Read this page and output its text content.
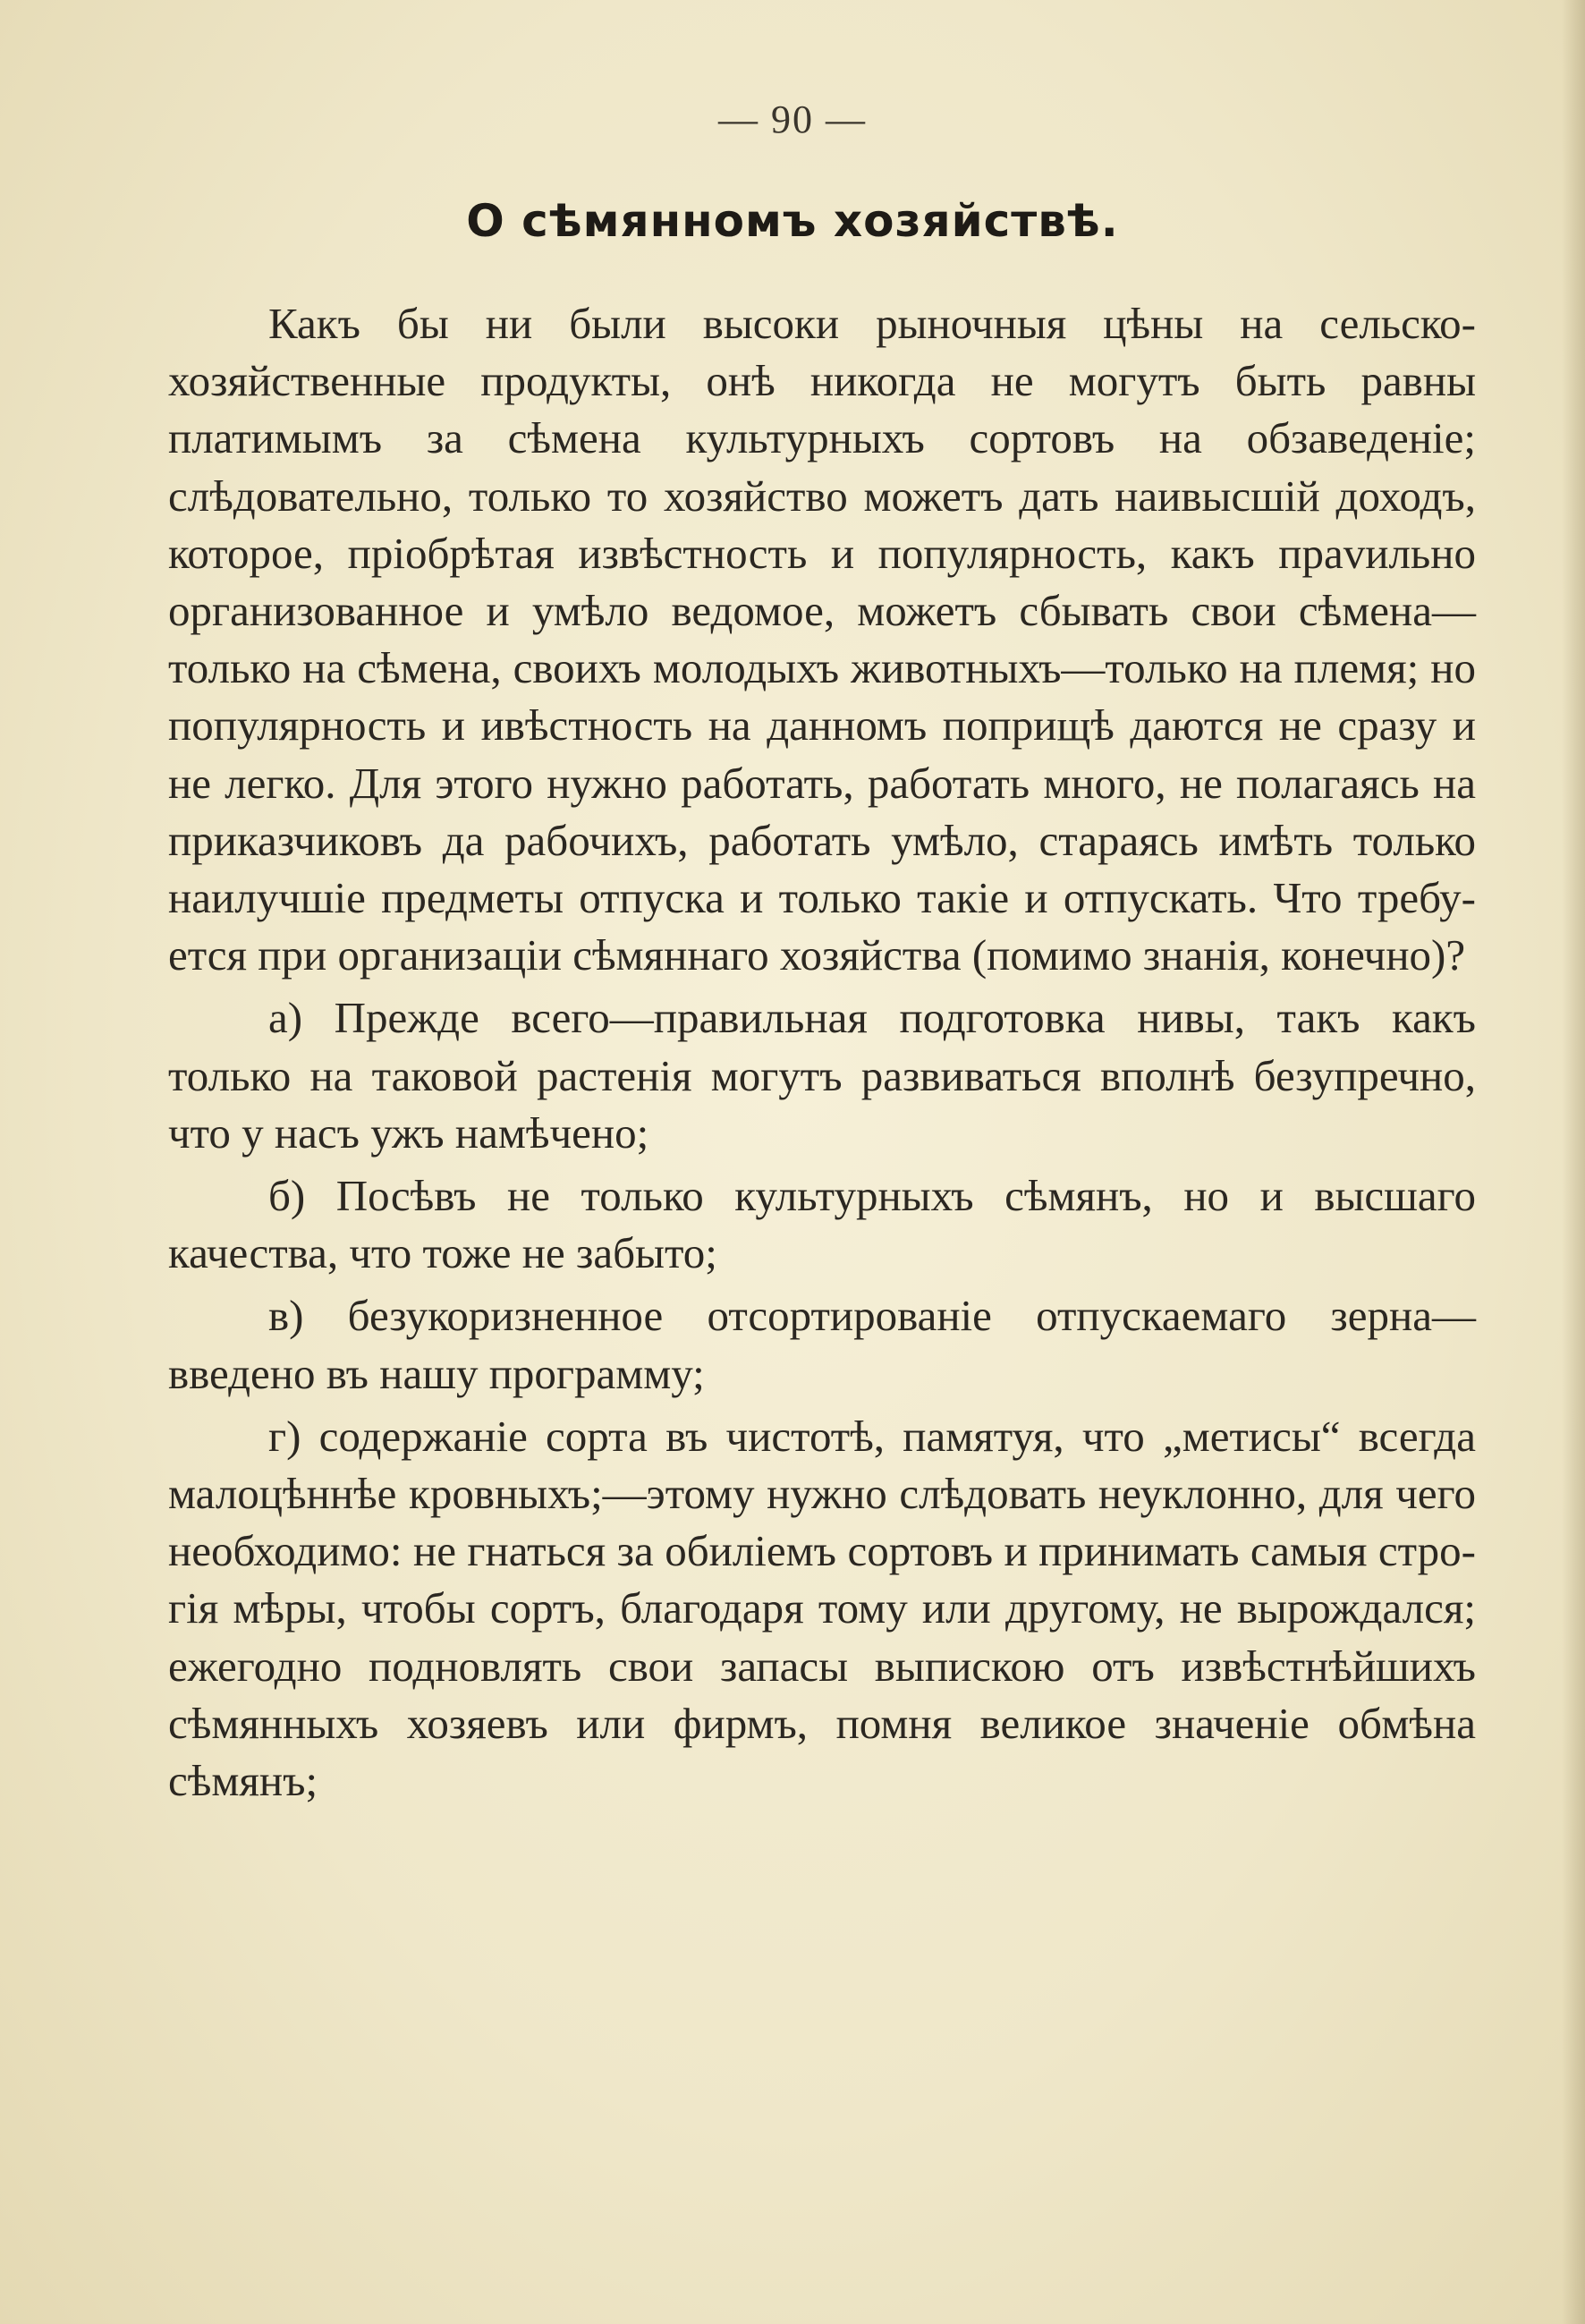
— 90 —
О сѣмянномъ хозяйствѣ.

Какъ бы ни были высоки рыночныя цѣны на сельско-хозяйственные продукты, онѣ никогда не могутъ быть равны платимымъ за сѣмена культурныхъ сортовъ на обзаведеніе; слѣдовательно, только то хозяйство можетъ дать наивысшій доходъ, которое, пріобрѣтая извѣстность и популярность, какъ праvильно организованное и умѣло ведомое, можетъ сбывать свои сѣмена—только на сѣмена, своихъ молодыхъ животныхъ—только на племя; но популярность и ивѣстность на данномъ поприщѣ даются не сразу и не легко. Для этого нужно работать, работать много, не полагаясь на приказчиковъ да рабочихъ, работать умѣло, стараясь имѣть только наилучшіе предметы отпуска и только такіе и отпускать. Что требуется при организаціи сѣмяннаго хозяйства (помимо знанія, конечно)?

а) Прежде всего—правильная подготовка нивы, такъ какъ только на таковой растенія могутъ развиваться вполнѣ безупречно, что у насъ ужъ намѣчено;

б) Посѣвъ не только культурныхъ сѣмянъ, но и высшаго качества, что тоже не забыто;

в) безукоризненное отсортированіе отпускаемаго зерна—введено въ нашу программу;

г) содержаніе сорта въ чистотѣ, памятуя, что „метисы“ всегда малоцѣннѣе кровныхъ;—этому нужно слѣдовать неуклонно, для чего необходимо: не гнаться за обиліемъ сортовъ и принимать самыя строгія мѣры, чтобы сортъ, благодаря тому или другому, не вырождался; ежегодно подновлять свои запасы выпискою отъ извѣстнѣйшихъ сѣмянныхъ хозяевъ или фирмъ, помня великое значеніе обмѣна сѣмянъ;
